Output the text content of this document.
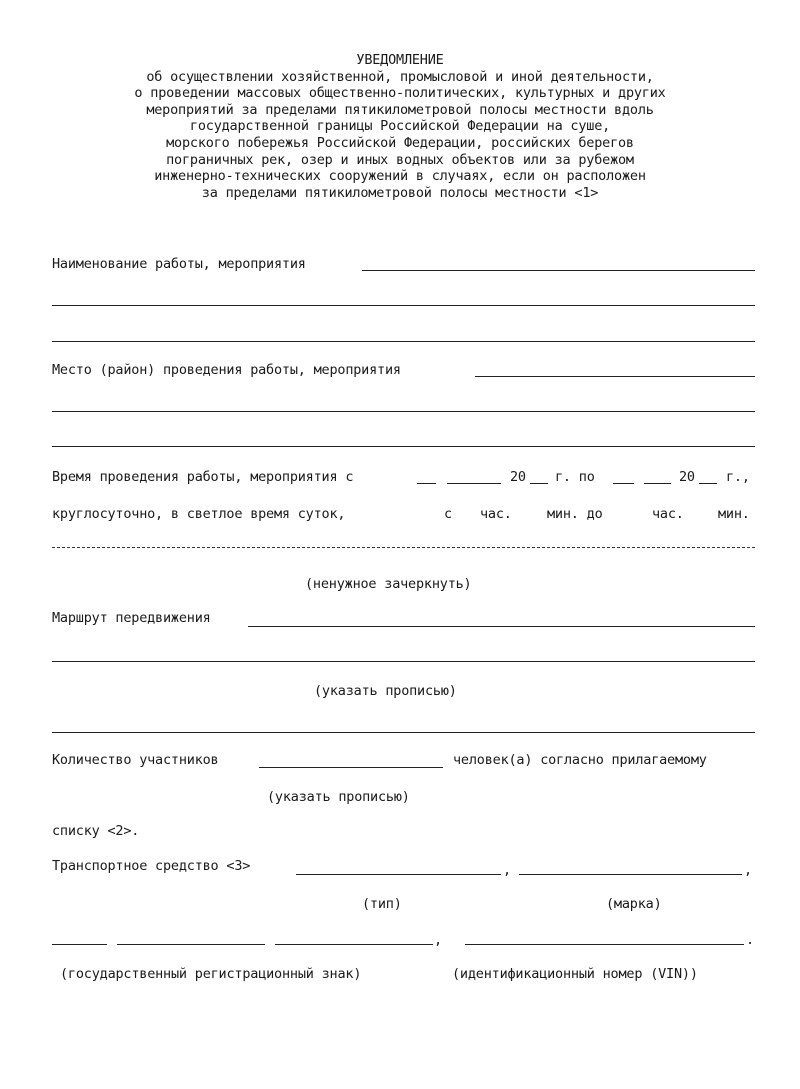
УВЕДОМЛЕНИЕ
об осуществлении хозяйственной, промысловой и иной деятельности,
о проведении массовых общественно-политических, культурных и других
мероприятий за пределами пятикилометровой полосы местности вдоль
государственной границы Российской Федерации на суше,
морского побережья Российской Федерации, российских берегов
пограничных рек, озер и иных водных объектов или за рубежом
инженерно-технических сооружений в случаях, если он расположен
за пределами пятикилометровой полосы местности <1>
Наименование работы, мероприятия
Место (район) проведения работы, мероприятия
Время проведения работы, мероприятия с	20 г. по	20 г.,
круглосуточно, в светлое время суток,	с час.	мин. до	час.	мин.
(ненужное зачеркнуть)
Маршрут передвижения
(указать прописью)
Количество участников	человек(а) согласно прилагаемому
(указать прописью)
списку <2>.
Транспортное средство <3>	,	,
(тип)	(марка)
,	.
(государственный регистрационный знак)	(идентификационный номер (VIN))
